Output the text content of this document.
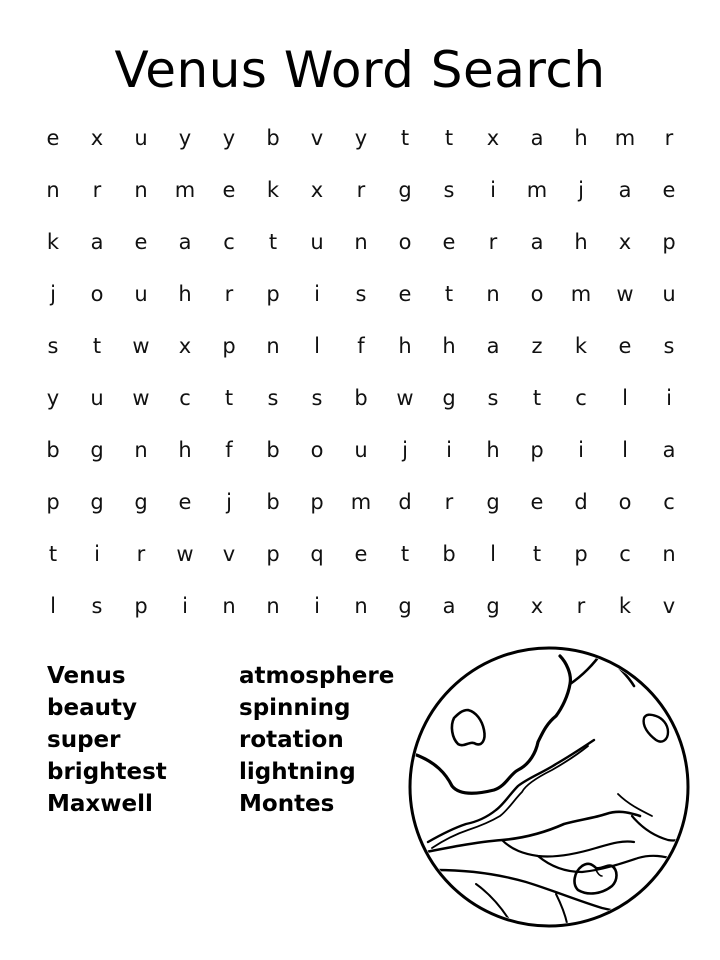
Venus Word Search
e	x	u	y	y	b	v	y	t	t	x	a	h	m	r
n	r	n	m	e	k	x	r	g	s	i	m	j	a	e
k	a	e	a	c	t	u	n	o	e	r	a	h	x	p
j	o	u	h	r	p	i	s	e	t	n	o	m	w	u
s	t	w	x	p	n	l	f	h	h	a	z	k	e	s
y	u	w	c	t	s	s	b	w	g	s	t	c	l	i
b	g	n	h	f	b	o	u	j	i	h	p	i	l	a
p	g	g	e	j	b	p	m	d	r	g	e	d	o	c
t	i	r	w	v	p	q	e	t	b	l	t	p	c	n
l	s	p	i	n	n	i	n	g	a	g	x	r	k	v
Venus
beauty
super
brightest
Maxwell
atmosphere
spinning
rotation
lightning
Montes
